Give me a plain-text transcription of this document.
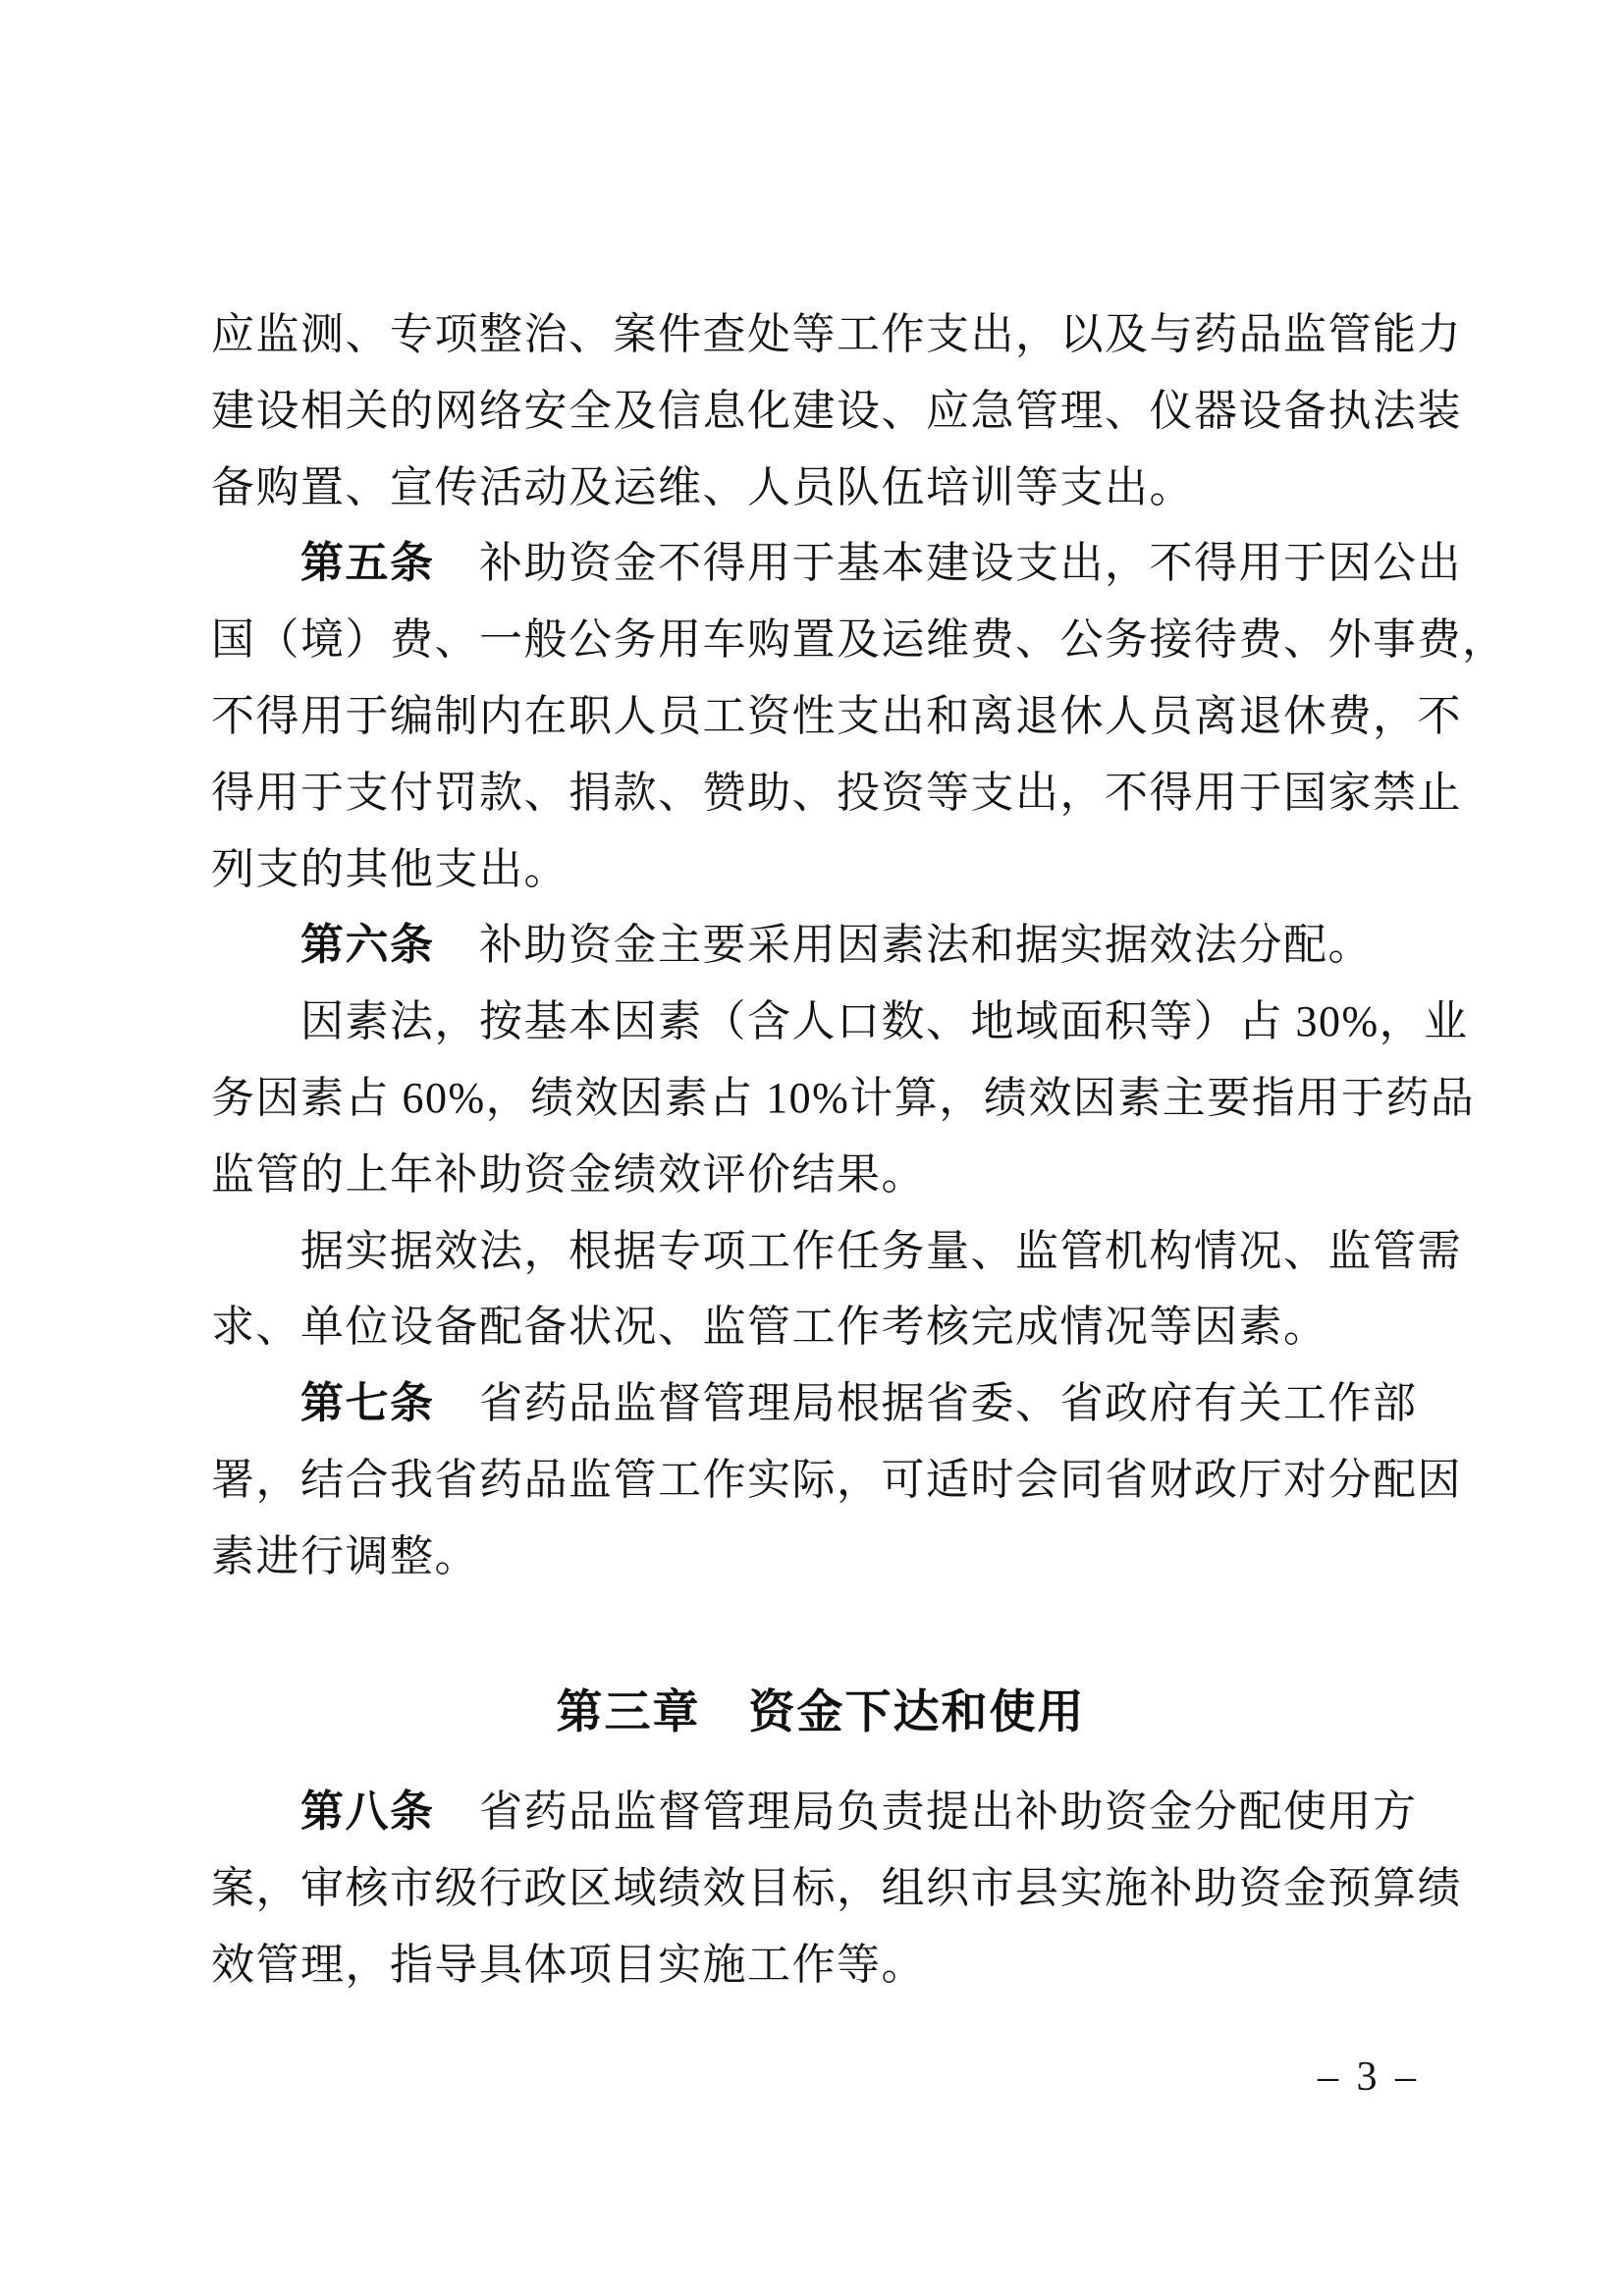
应监测、专项整治、案件查处等工作支出，以及与药品监管能力
建设相关的网络安全及信息化建设、应急管理、仪器设备执法装
备购置、宣传活动及运维、人员队伍培训等支出。
第五条　补助资金不得用于基本建设支出，不得用于因公出
国（境）费、一般公务用车购置及运维费、公务接待费、外事费，
不得用于编制内在职人员工资性支出和离退休人员离退休费，不
得用于支付罚款、捐款、赞助、投资等支出，不得用于国家禁止
列支的其他支出。
第六条　补助资金主要采用因素法和据实据效法分配。
因素法，按基本因素（含人口数、地域面积等）占 30%，业
务因素占 60%，绩效因素占 10%计算，绩效因素主要指用于药品
监管的上年补助资金绩效评价结果。
据实据效法，根据专项工作任务量、监管机构情况、监管需
求、单位设备配备状况、监管工作考核完成情况等因素。
第七条　省药品监督管理局根据省委、省政府有关工作部
署，结合我省药品监管工作实际，可适时会同省财政厅对分配因
素进行调整。
第三章　资金下达和使用
第八条　省药品监督管理局负责提出补助资金分配使用方
案，审核市级行政区域绩效目标，组织市县实施补助资金预算绩
效管理，指导具体项目实施工作等。
– 3 –
